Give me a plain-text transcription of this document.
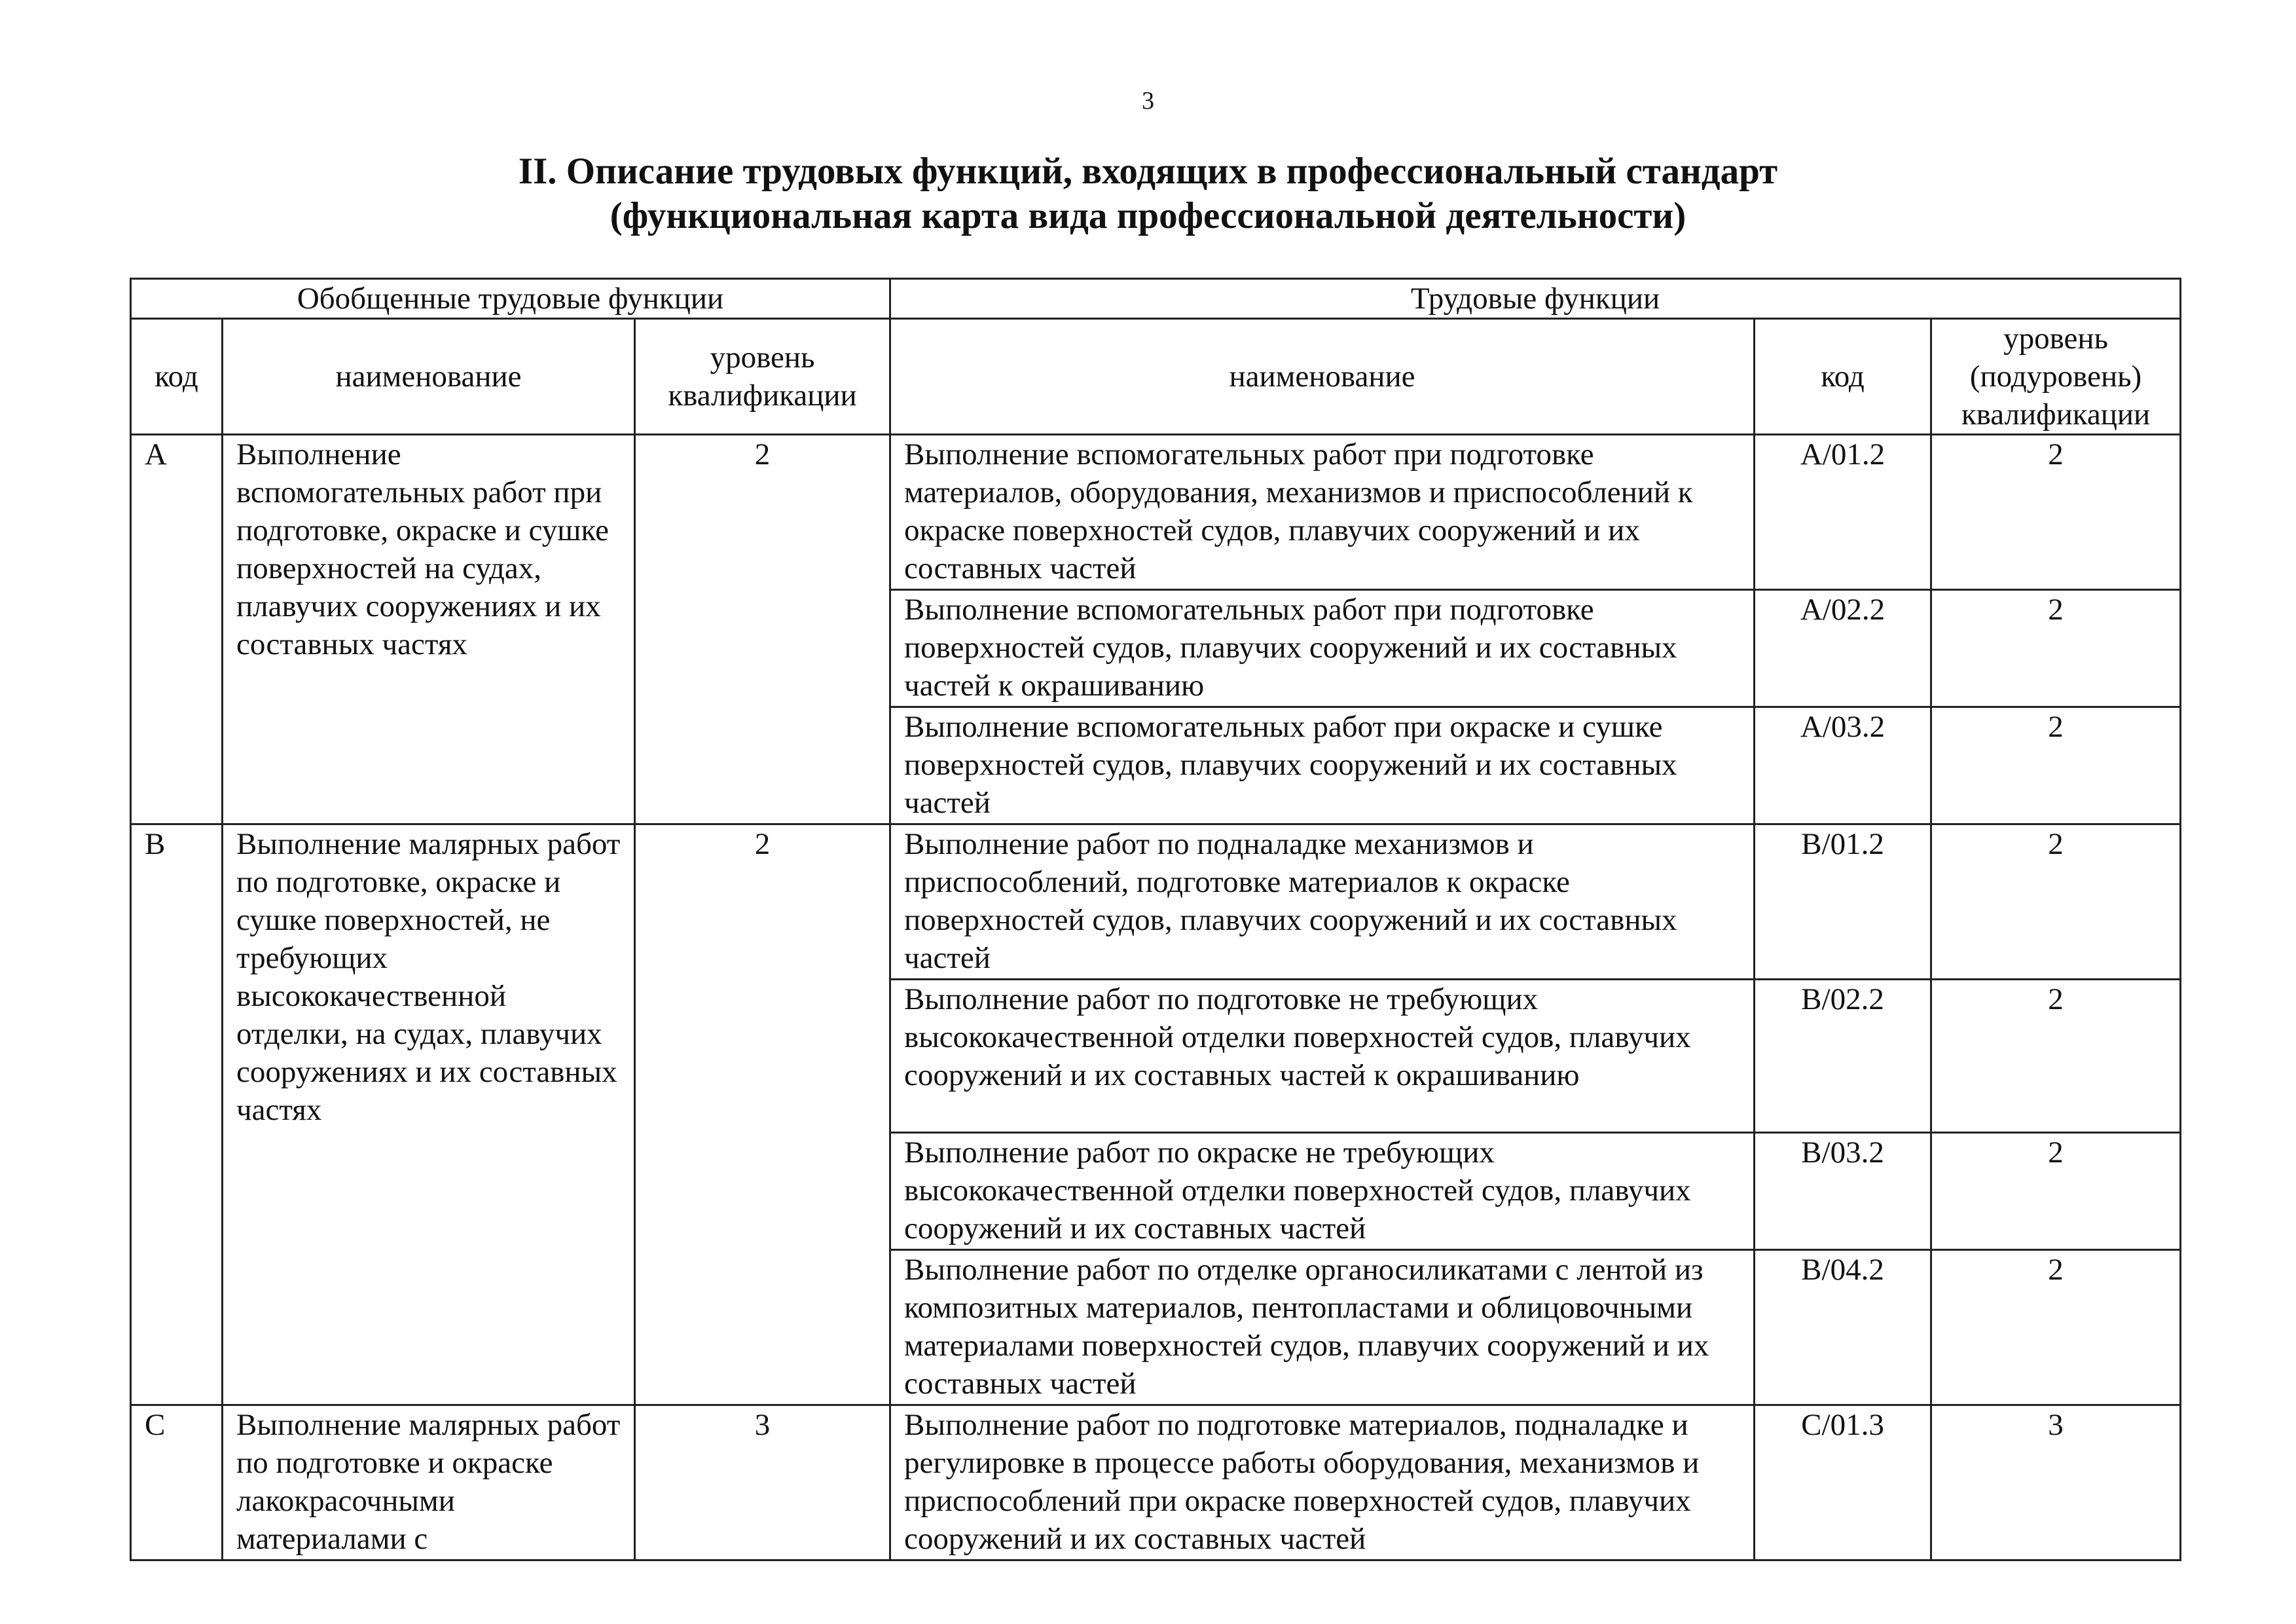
3
II. Описание трудовых функций, входящих в профессиональный стандарт
(функциональная карта вида профессиональной деятельности)
Обобщенные трудовые функции			Трудовые функции		
код	наименование	уровень квалификации	наименование	код	уровень (подуровень) квалификации
A	Выполнение вспомогательных работ при подготовке, окраске и сушке поверхностей на судах, плавучих сооружениях и их составных частях	2	Выполнение вспомогательных работ при подготовке материалов, оборудования, механизмов и приспособлений к окраске поверхностей судов, плавучих сооружений и их составных частей	A/01.2	2
			Выполнение вспомогательных работ при подготовке поверхностей судов, плавучих сооружений и их составных частей к окрашиванию	A/02.2	2
			Выполнение вспомогательных работ при окраске и сушке поверхностей судов, плавучих сооружений и их составных частей	A/03.2	2
B	Выполнение малярных работ по подготовке, окраске и сушке поверхностей, не требующих высококачественной отделки, на судах, плавучих сооружениях и их составных частях	2	Выполнение работ по подналадке механизмов и приспособлений, подготовке материалов к окраске поверхностей судов, плавучих сооружений и их составных частей	B/01.2	2
			Выполнение работ по подготовке не требующих высококачественной отделки поверхностей судов, плавучих сооружений и их составных частей к окрашиванию	B/02.2	2
			Выполнение работ по окраске не требующих высококачественной отделки поверхностей судов, плавучих сооружений и их составных частей	B/03.2	2
			Выполнение работ по отделке органосиликатами с лентой из композитных материалов, пентопластами и облицовочными материалами поверхностей судов, плавучих сооружений и их составных частей	B/04.2	2
C	Выполнение малярных работ по подготовке и окраске лакокрасочными материалами с	3	Выполнение работ по подготовке материалов, подналадке и регулировке в процессе работы оборудования, механизмов и приспособлений при окраске поверхностей судов, плавучих сооружений и их составных частей	C/01.3	3
